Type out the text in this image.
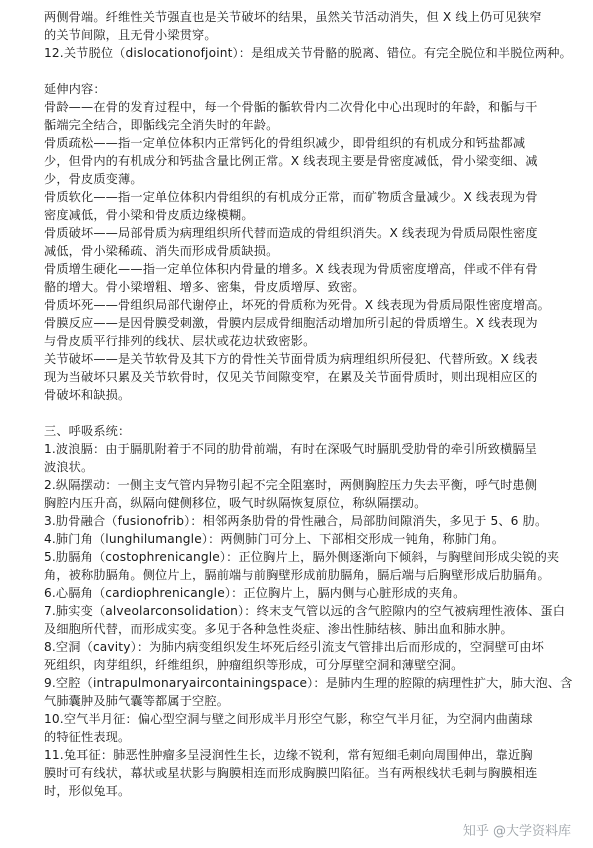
两侧骨端。纤维性关节强直也是关节破坏的结果，虽然关节活动消失，但 X 线上仍可见狭窄
的关节间隙，且无骨小梁贯穿。
12.关节脱位（dislocationofjoint）：是组成关节骨骼的脱离、错位。有完全脱位和半脱位两种。
延伸内容：
骨龄——在骨的发育过程中，每一个骨骺的骺软骨内二次骨化中心出现时的年龄，和骺与干
骺端完全结合，即骺线完全消失时的年龄。
骨质疏松——指一定单位体积内正常钙化的骨组织减少，即骨组织的有机成分和钙盐都减
少，但骨内的有机成分和钙盐含量比例正常。X 线表现主要是骨密度减低，骨小梁变细、减
少，骨皮质变薄。
骨质软化——指一定单位体积内骨组织的有机成分正常，而矿物质含量减少。X 线表现为骨
密度减低，骨小梁和骨皮质边缘模糊。
骨质破坏——局部骨质为病理组织所代替而造成的骨组织消失。X 线表现为骨质局限性密度
减低，骨小梁稀疏、消失而形成骨质缺损。
骨质增生硬化——指一定单位体积内骨量的增多。X 线表现为骨质密度增高，伴或不伴有骨
骼的增大。骨小梁增粗、增多、密集，骨皮质增厚、致密。
骨质坏死——骨组织局部代谢停止，坏死的骨质称为死骨。X 线表现为骨质局限性密度增高。
骨膜反应——是因骨膜受刺激，骨膜内层成骨细胞活动增加所引起的骨质增生。X 线表现为
与骨皮质平行排列的线状、层状或花边状致密影。
关节破坏——是关节软骨及其下方的骨性关节面骨质为病理组织所侵犯、代替所致。X 线表
现为当破坏只累及关节软骨时，仅见关节间隙变窄，在累及关节面骨质时，则出现相应区的
骨破坏和缺损。
三、呼吸系统：
1.波浪膈：由于膈肌附着于不同的肋骨前端，有时在深吸气时膈肌受肋骨的牵引所致横膈呈
波浪状。
2.纵隔摆动：一侧主支气管内异物引起不完全阻塞时，两侧胸腔压力失去平衡，呼气时患侧
胸腔内压升高，纵隔向健侧移位，吸气时纵隔恢复原位，称纵隔摆动。
3.肋骨融合（fusionofrib）：相邻两条肋骨的骨性融合，局部肋间隙消失，多见于 5、6 肋。
4.肺门角（lunghilumangle）：两侧肺门可分上、下部相交形成一钝角，称肺门角。
5.肋膈角（costophrenicangle）：正位胸片上，膈外侧逐渐向下倾斜，与胸壁间形成尖锐的夹
角，被称肋膈角。侧位片上，膈前端与前胸壁形成前肋膈角，膈后端与后胸壁形成后肋膈角。
6.心膈角（cardiophrenicangle）：正位胸片上，膈内侧与心脏形成的夹角。
7.肺实变（alveolarconsolidation）：终末支气管以远的含气腔隙内的空气被病理性液体、蛋白
及细胞所代替，而形成实变。多见于各种急性炎症、渗出性肺结核、肺出血和肺水肿。
8.空洞（cavity）：为肺内病变组织发生坏死后经引流支气管排出后而形成的，空洞壁可由坏
死组织，肉芽组织，纤维组织，肿瘤组织等形成，可分厚壁空洞和薄壁空洞。
9.空腔（intrapulmonaryaircontainingspace）：是肺内生理的腔隙的病理性扩大，肺大泡、含
气肺囊肿及肺气囊等都属于空腔。
10.空气半月征：偏心型空洞与壁之间形成半月形空气影，称空气半月征，为空洞内曲菌球
的特征性表现。
11.兔耳征：肺恶性肿瘤多呈浸润性生长，边缘不锐利，常有短细毛刺向周围伸出，靠近胸
膜时可有线状，幕状或星状影与胸膜相连而形成胸膜凹陷征。当有两根线状毛刺与胸膜相连
时，形似兔耳。
知乎 @大学资料库
